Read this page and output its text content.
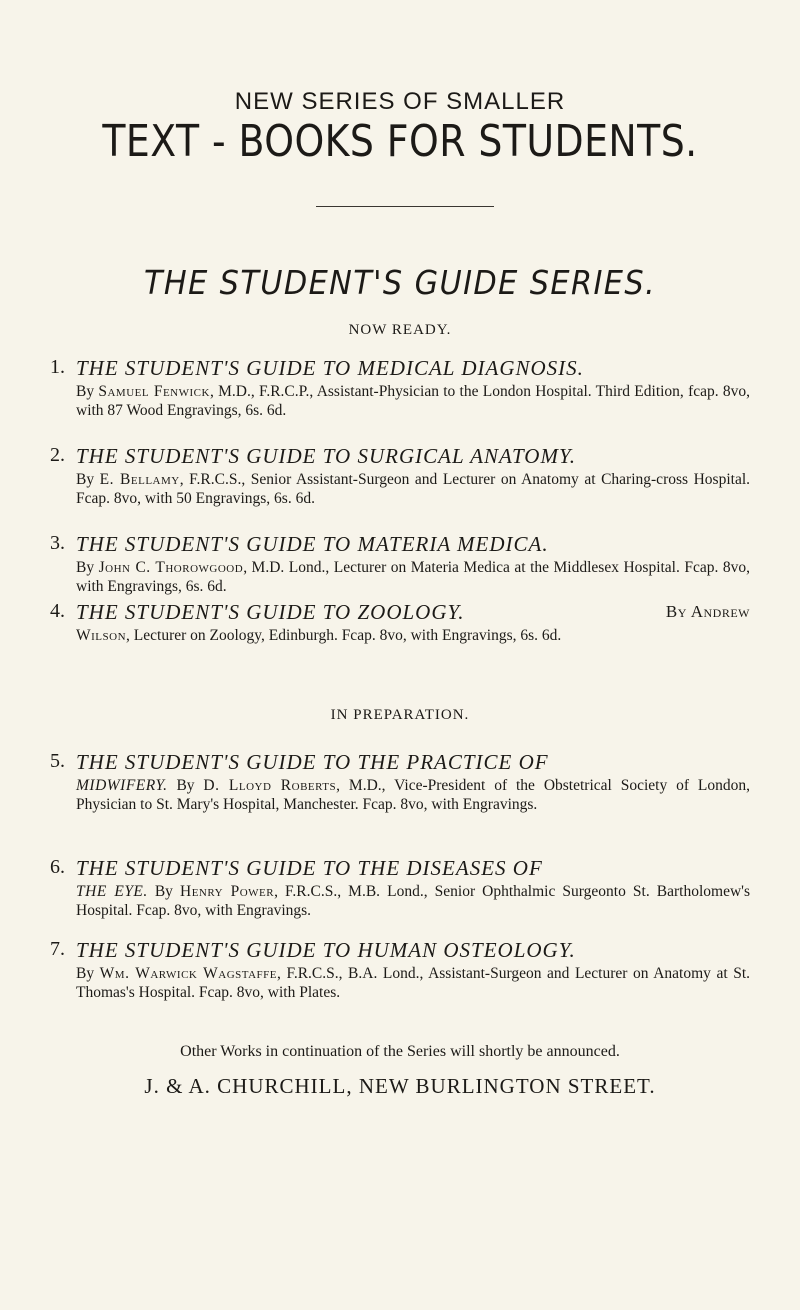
NEW SERIES OF SMALLER
TEXT - BOOKS FOR STUDENTS.
THE STUDENT'S GUIDE SERIES.
NOW READY.
1. THE STUDENT'S GUIDE TO MEDICAL DIAGNOSIS.
By Samuel Fenwick, M.D., F.R.C.P., Assistant-Physician to the London Hospital. Third Edition, fcap. 8vo, with 87 Wood Engravings, 6s. 6d.
2. THE STUDENT'S GUIDE TO SURGICAL ANATOMY.
By E. Bellamy, F.R.C.S., Senior Assistant-Surgeon and Lecturer on Anatomy at Charing-cross Hospital. Fcap. 8vo, with 50 Engravings, 6s. 6d.
3. THE STUDENT'S GUIDE TO MATERIA MEDICA.
By John C. Thorowgood, M.D. Lond., Lecturer on Materia Medica at the Middlesex Hospital. Fcap. 8vo, with Engravings, 6s. 6d.
4. THE STUDENT'S GUIDE TO ZOOLOGY.	By Andrew
Wilson, Lecturer on Zoology, Edinburgh. Fcap. 8vo, with Engravings, 6s. 6d.
IN PREPARATION.
5. THE STUDENT'S GUIDE TO THE PRACTICE OF
MIDWIFERY. By D. Lloyd Roberts, M.D., Vice-President of the Obstetrical Society of London, Physician to St. Mary's Hospital, Manchester. Fcap. 8vo, with Engravings.
6. THE STUDENT'S GUIDE TO THE DISEASES OF
THE EYE. By Henry Power, F.R.C.S., M.B. Lond., Senior Ophthalmic Surgeonto St. Bartholomew's Hospital. Fcap. 8vo, with Engravings.
7. THE STUDENT'S GUIDE TO HUMAN OSTEOLOGY.
By Wm. Warwick Wagstaffe, F.R.C.S., B.A. Lond., Assistant-Surgeon and Lecturer on Anatomy at St. Thomas's Hospital. Fcap. 8vo, with Plates.
Other Works in continuation of the Series will shortly be announced.
J. & A. CHURCHILL, NEW BURLINGTON STREET.
